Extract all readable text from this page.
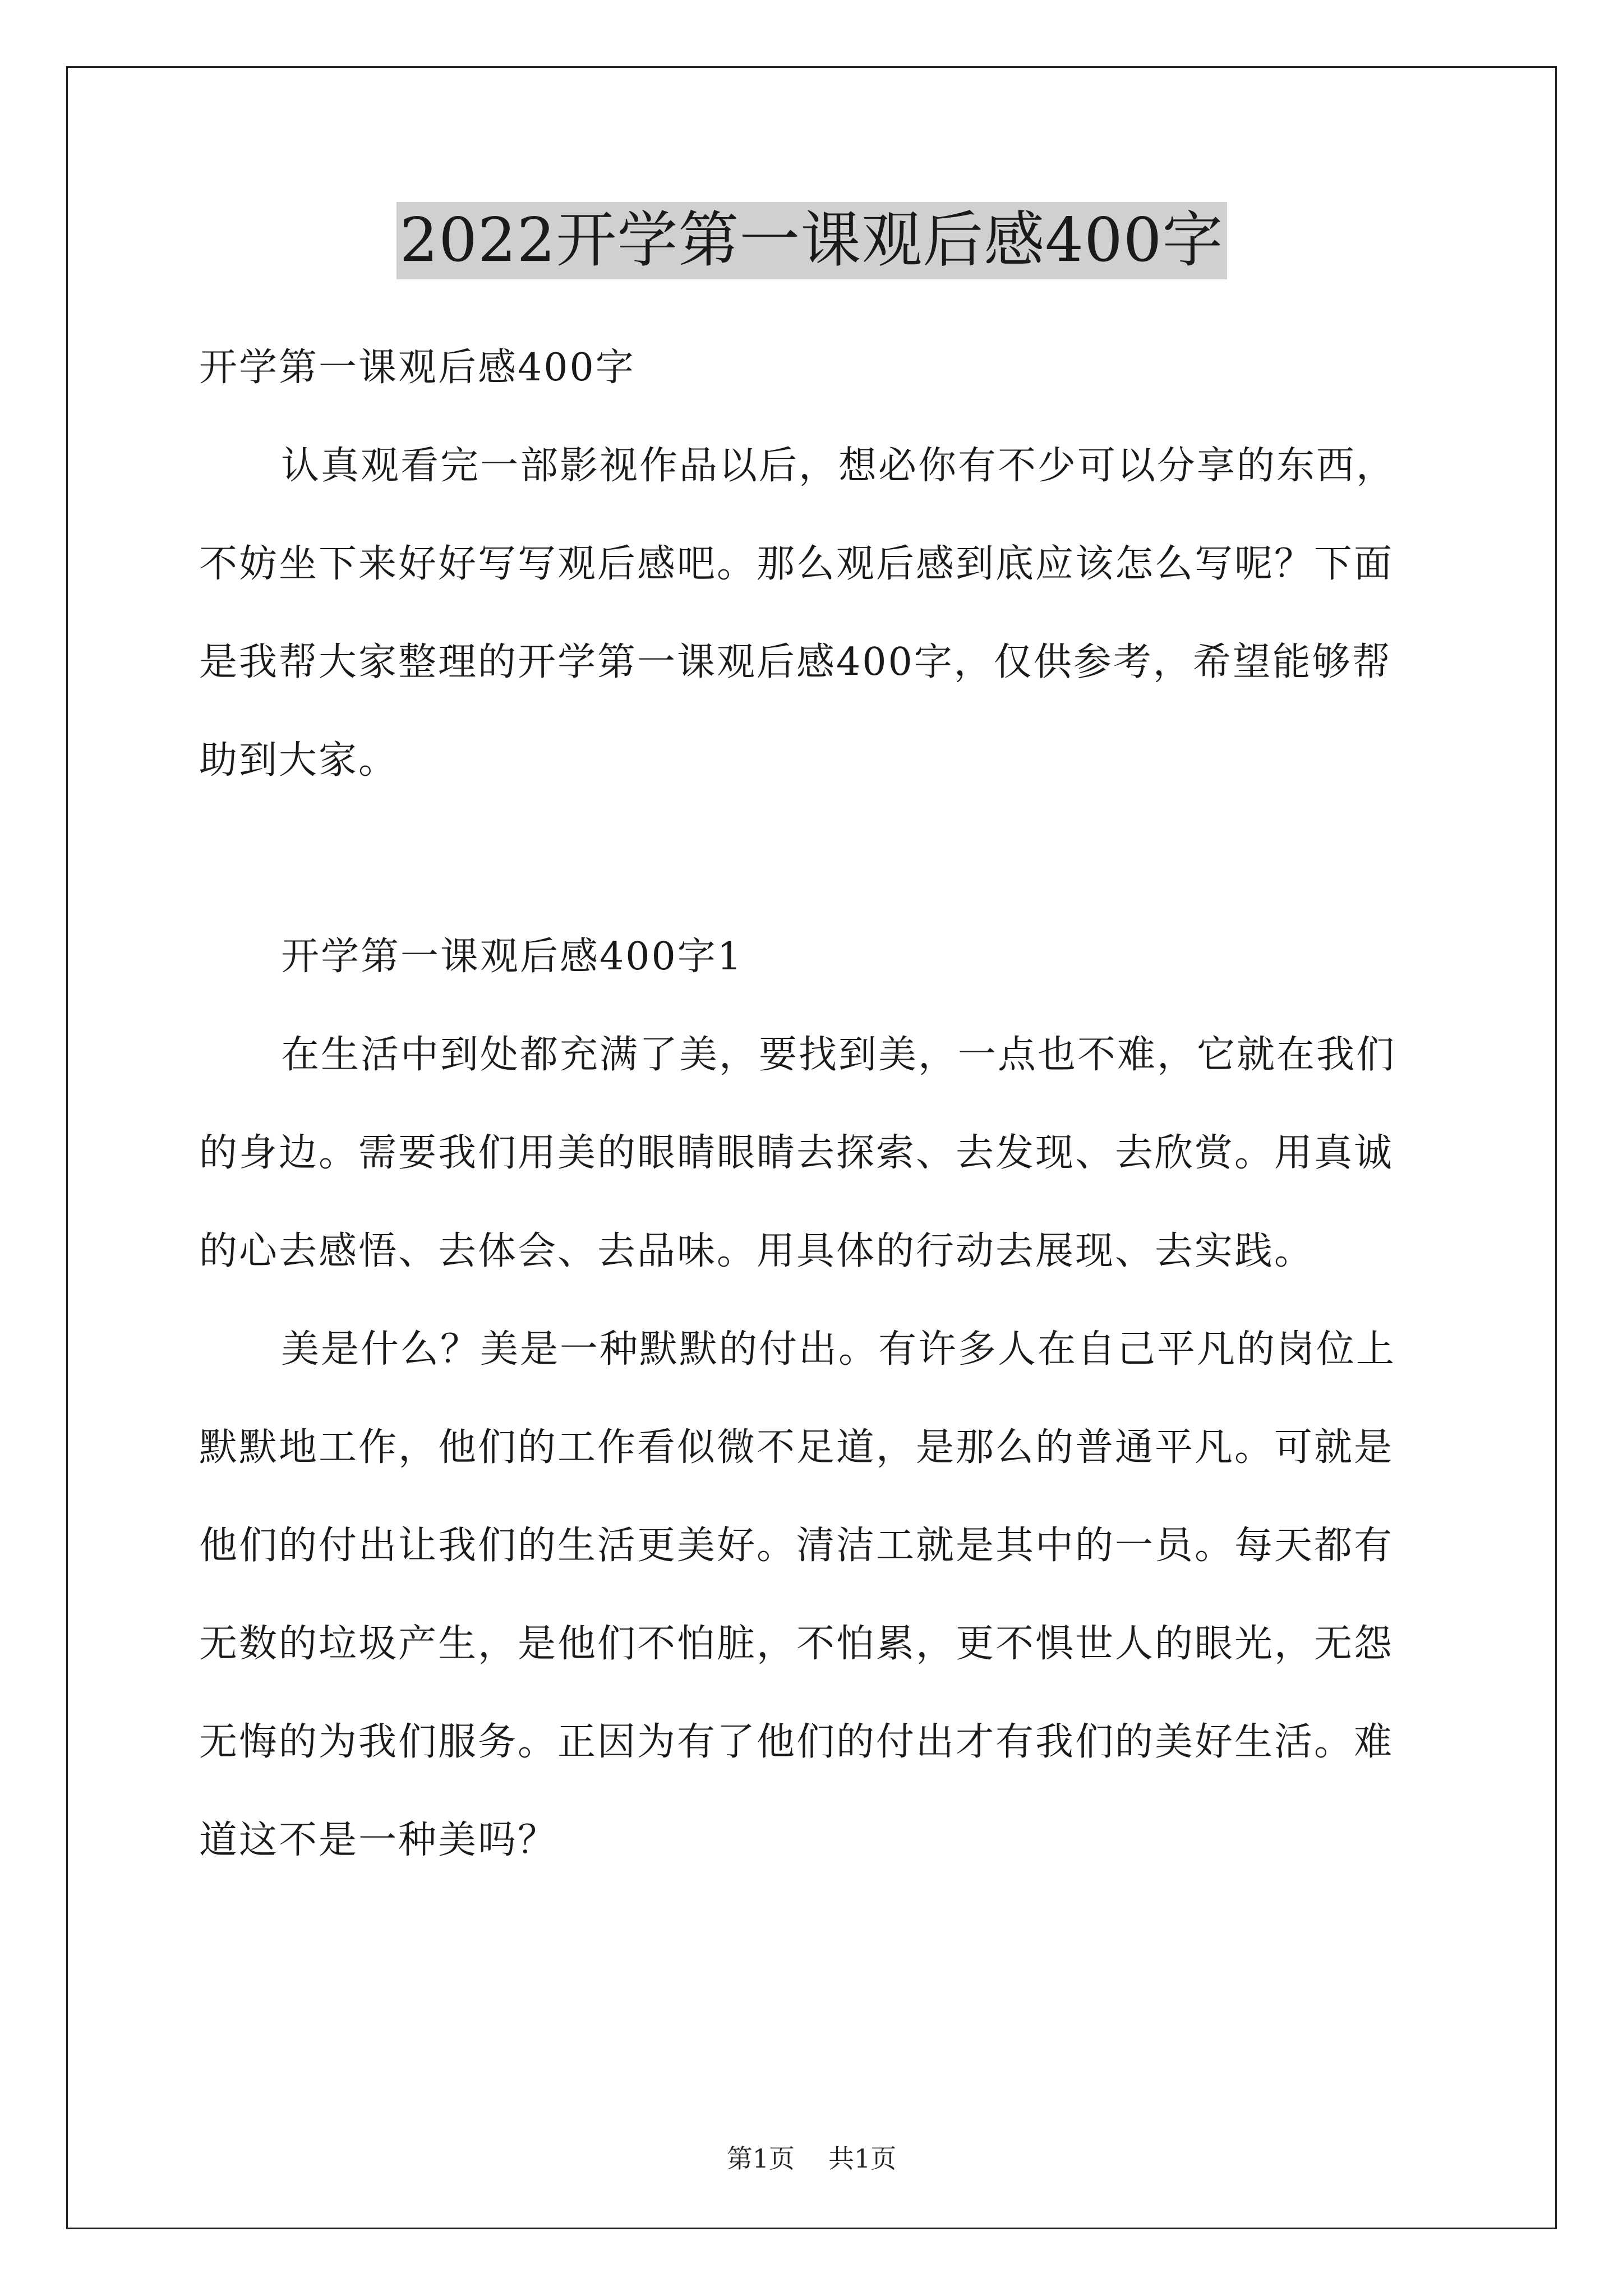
2022开学第一课观后感400字
开学第一课观后感400字
认真观看完一部影视作品以后，想必你有不少可以分享的东西，
不妨坐下来好好写写观后感吧。那么观后感到底应该怎么写呢？下面
是我帮大家整理的开学第一课观后感400字，仅供参考，希望能够帮
助到大家。
开学第一课观后感400字1
在生活中到处都充满了美，要找到美，一点也不难，它就在我们
的身边。需要我们用美的眼睛眼睛去探索、去发现、去欣赏。用真诚
的心去感悟、去体会、去品味。用具体的行动去展现、去实践。
美是什么？美是一种默默的付出。有许多人在自己平凡的岗位上
默默地工作，他们的工作看似微不足道，是那么的普通平凡。可就是
他们的付出让我们的生活更美好。清洁工就是其中的一员。每天都有
无数的垃圾产生，是他们不怕脏，不怕累，更不惧世人的眼光，无怨
无悔的为我们服务。正因为有了他们的付出才有我们的美好生活。难
道这不是一种美吗？
第1页 共1页
